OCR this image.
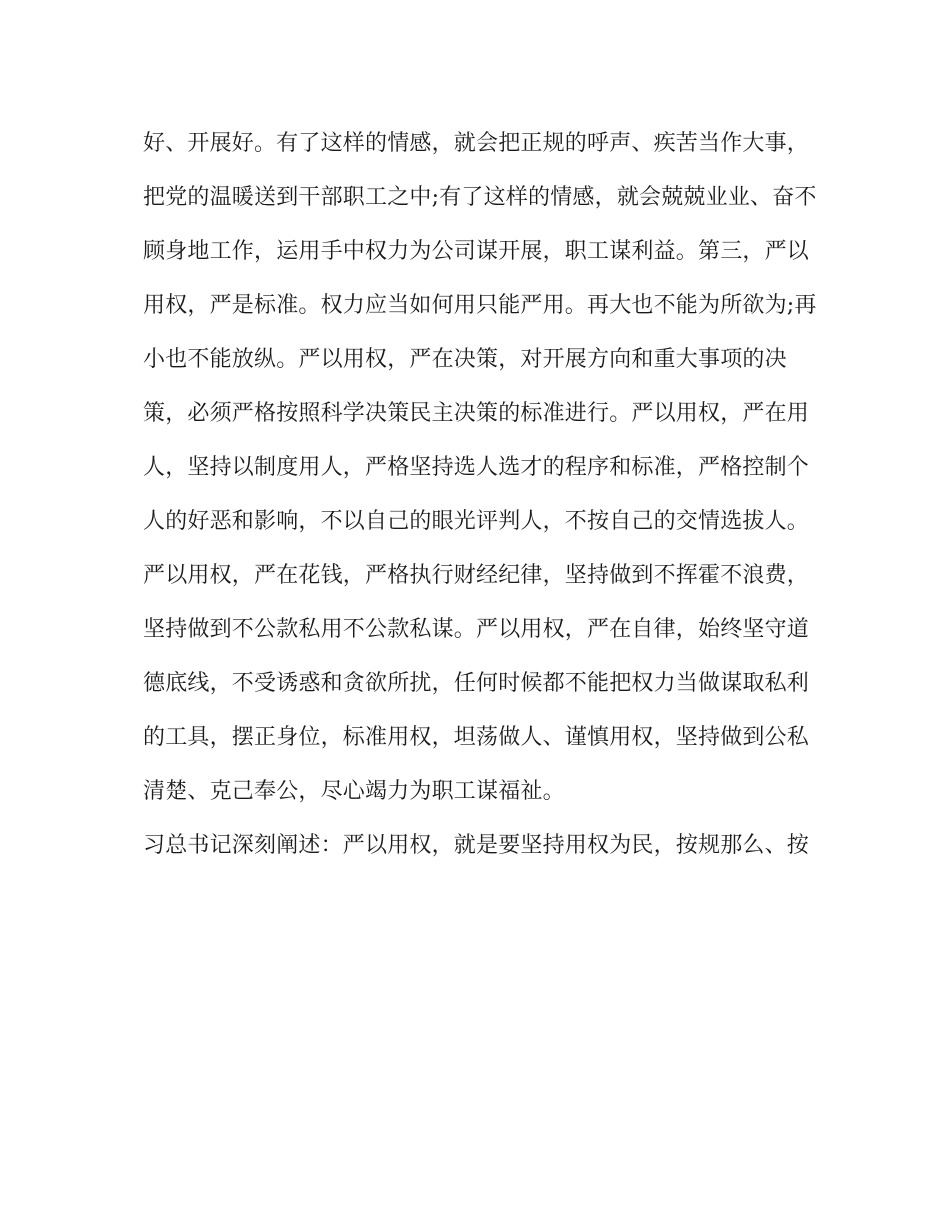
好、开展好。有了这样的情感，就会把正规的呼声、疾苦当作大事，
把党的温暖送到干部职工之中;有了这样的情感，就会兢兢业业、奋不
顾身地工作，运用手中权力为公司谋开展，职工谋利益。第三，严以
用权，严是标准。权力应当如何用只能严用。再大也不能为所欲为;再
小也不能放纵。严以用权，严在决策，对开展方向和重大事项的决
策，必须严格按照科学决策民主决策的标准进行。严以用权，严在用
人，坚持以制度用人，严格坚持选人选才的程序和标准，严格控制个
人的好恶和影响，不以自己的眼光评判人，不按自己的交情选拔人。
严以用权，严在花钱，严格执行财经纪律，坚持做到不挥霍不浪费，
坚持做到不公款私用不公款私谋。严以用权，严在自律，始终坚守道
德底线，不受诱惑和贪欲所扰，任何时候都不能把权力当做谋取私利
的工具，摆正身位，标准用权，坦荡做人、谨慎用权，坚持做到公私
清楚、克己奉公，尽心竭力为职工谋福祉。
习总书记深刻阐述：严以用权，就是要坚持用权为民，按规那么、按
